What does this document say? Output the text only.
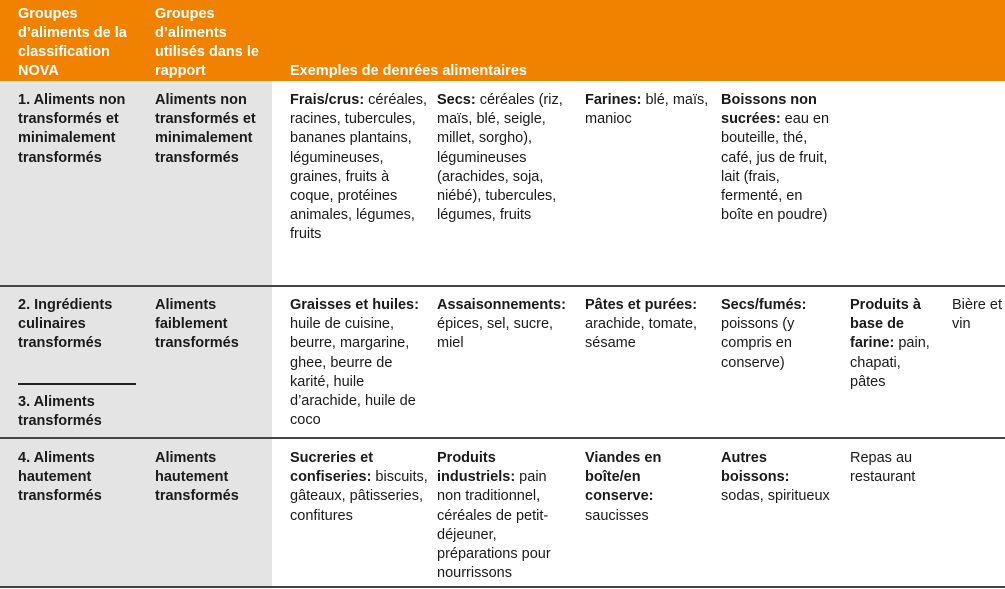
Groupes d’aliments de la classification NOVA
Groupes d’aliments utilisés dans le rapport	Exemples de denrées alimentaires
1. Aliments non transformés et minimalement transformés
Aliments non transformés et minimalement transformés
Frais/crus: céréales, racines, tubercules, bananes plantains, légumineuses, graines, fruits à coque, protéines animales, légumes, fruits
Secs: céréales (riz, maïs, blé, seigle, millet, sorgho), légumineuses (arachides, soja, niébé), tubercules, légumes, fruits
Farines: blé, maïs, manioc
Boissons non sucrées: eau en bouteille, thé, café, jus de fruit, lait (frais, fermenté, en boîte en poudre)
2. Ingrédients culinaires transformés
3. Aliments transformés
Aliments faiblement transformés
Graisses et huiles: huile de cuisine, beurre, margarine, ghee, beurre de karité, huile d’arachide, huile de coco
Assaisonnements: épices, sel, sucre, miel
Pâtes et purées: arachide, tomate, sésame
Secs/fumés: poissons (y compris en conserve)
Produits à base de farine: pain, chapati, pâtes
Bière et vin
4. Aliments hautement transformés
Aliments hautement transformés
Sucreries et confiseries: biscuits, gâteaux, pâtisseries, confitures
Produits industriels: pain non traditionnel, céréales de petit-déjeuner, préparations pour nourrissons
Viandes en boîte/en conserve: saucisses
Autres boissons: sodas, spiritueux
Repas au restaurant
